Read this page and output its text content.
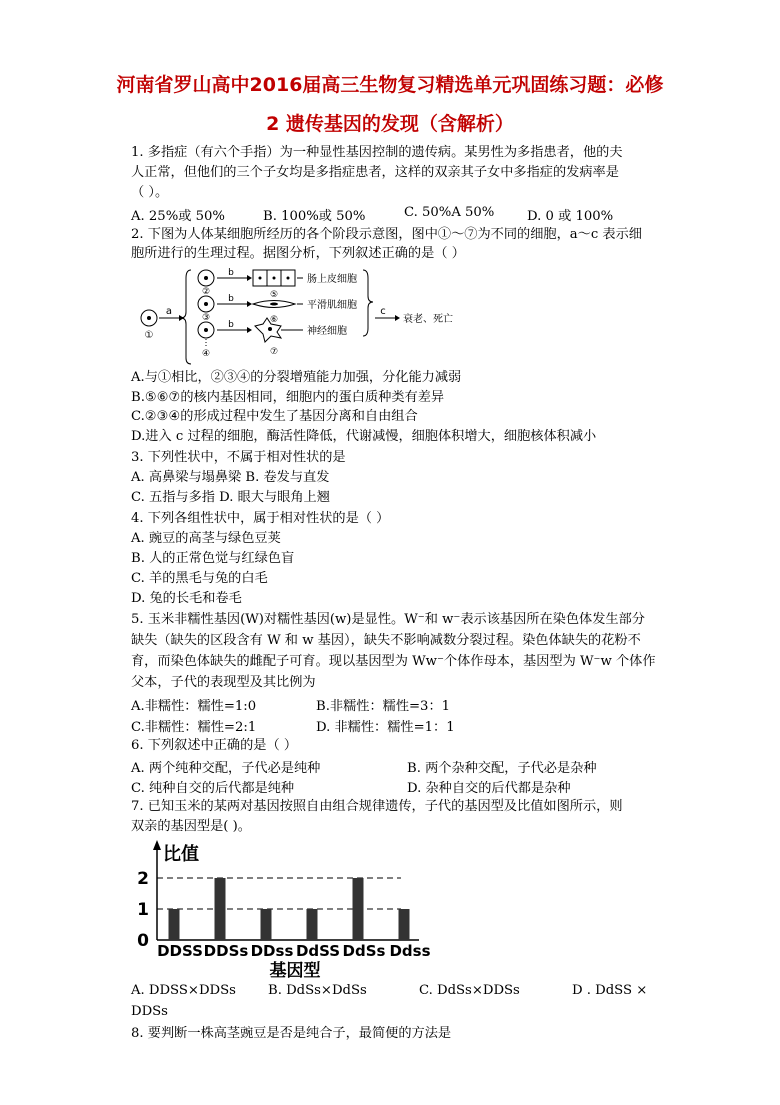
河南省罗山高中2016届高三生物复习精选单元巩固练习题：必修
2 遗传基因的发现（含解析）
1. 多指症（有六个手指）为一种显性基因控制的遗传病。某男性为多指患者，他的夫
人正常，但他们的三个子女均是多指症患者，这样的双亲其子女中多指症的发病率是
（ ）。
A. 25%或 50%	B. 100%或 50%	C. 50%A 50% D. 0 或 100%
2. 下图为人体某细胞所经历的各个阶段示意图，图中①～⑦为不同的细胞，a～c 表示细
胞所进行的生理过程。据图分析，下列叙述正确的是（ ）
①
a
②
③
④
b
b
b
⑤
肠上皮细胞
⑥
平滑肌细胞
⑦
神经细胞
c
衰老、死亡
A.与①相比，②③④的分裂增殖能力加强，分化能力减弱
B.⑤⑥⑦的核内基因相同，细胞内的蛋白质种类有差异
C.②③④的形成过程中发生了基因分离和自由组合
D.进入 c 过程的细胞，酶活性降低，代谢减慢，细胞体积增大，细胞核体积减小
3. 下列性状中，不属于相对性状的是
A. 高鼻梁与塌鼻梁 B. 卷发与直发
C. 五指与多指 D. 眼大与眼角上翘
4. 下列各组性状中，属于相对性状的是（ ）
A. 豌豆的高茎与绿色豆荚
B. 人的正常色觉与红绿色盲
C. 羊的黑毛与兔的白毛
D. 兔的长毛和卷毛
5. 玉米非糯性基因(W)对糯性基因(w)是显性。W⁻和 w⁻表示该基因所在染色体发生部分
缺失（缺失的区段含有 W 和 w 基因），缺失不影响减数分裂过程。染色体缺失的花粉不
育，而染色体缺失的雌配子可育。现以基因型为 Ww⁻个体作母本，基因型为 W⁻w 个体作
父本，子代的表现型及其比例为
A.非糯性：糯性=1:0	B.非糯性：糯性=3：1
C.非糯性：糯性=2:1	D. 非糯性：糯性=1：1
6. 下列叙述中正确的是（ ）
A. 两个纯种交配，子代必是纯种	B. 两个杂种交配，子代必是杂种
C. 纯种自交的后代都是纯种	D. 杂种自交的后代都是杂种
7. 已知玉米的某两对基因按照自由组合规律遗传，子代的基因型及比值如图所示，则
双亲的基因型是( )。
比值
0
1
2
DDSS DDSs DDss DdSS DdSs Ddss
基因型
A. DDSS×DDSs B. DdSs×DdSs	C. DdSs×DDSs	D . DdSS ×
DDSs
8. 要判断一株高茎豌豆是否是纯合子，最简便的方法是
